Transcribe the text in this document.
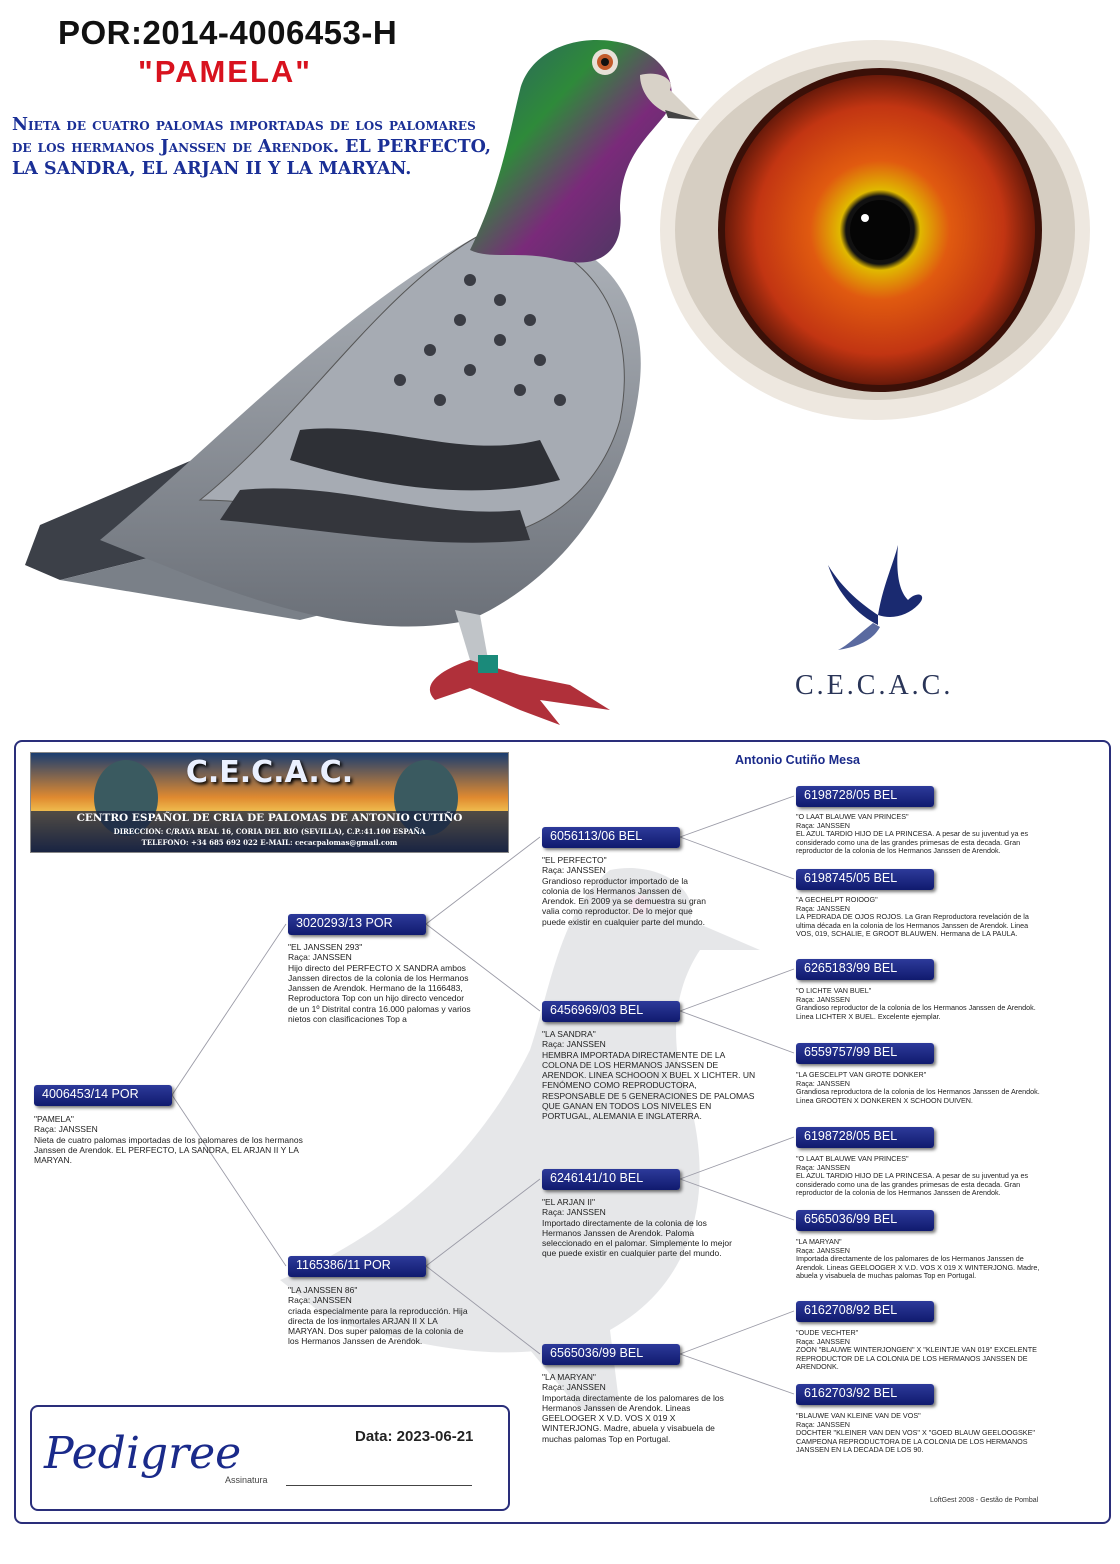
POR:2014-4006453-H
"PAMELA"
Nieta de cuatro palomas importadas de los palomares de los hermanos Janssen de Arendok. EL PERFECTO, LA SANDRA, EL ARJAN II Y LA MARYAN.
C.E.C.A.C.
C.E.C.A.C.
CENTRO ESPAÑOL DE CRIA DE PALOMAS DE ANTONIO CUTIÑO
DIRECCION: C/RAYA REAL 16, CORIA DEL RIO (SEVILLA), C.P.:41.100 ESPAÑA
TELEFONO: +34 685 692 022 E-MAIL: cecacpalomas@gmail.com
Antonio Cutiño Mesa
4006453/14 POR
"PAMELA"
Raça: JANSSEN
Nieta de cuatro palomas importadas de los palomares de los hermanos Janssen de Arendok. EL PERFECTO, LA SANDRA, EL ARJAN II Y LA MARYAN.
3020293/13 POR
"EL JANSSEN 293"
Raça: JANSSEN
Hijo directo del PERFECTO X SANDRA ambos Janssen directos de la colonia de los Hermanos Janssen de Arendok. Hermano de la 1166483, Reproductora Top con un hijo directo vencedor de un 1º Distrital contra 16.000 palomas y varios nietos con clasificaciones Top a
1165386/11 POR
"LA JANSSEN 86"
Raça: JANSSEN
criada especialmente para la reproducción. Hija directa de los inmortales ARJAN II X LA MARYAN. Dos super palomas de la colonia de los Hermanos Janssen de Arendok.
6056113/06 BEL
"EL PERFECTO"
Raça: JANSSEN
Grandioso reproductor importado de la colonia de los Hermanos Janssen de Arendok. En 2009 ya se demuestra su gran valia como reproductor. De lo mejor que puede existir en cualquier parte del mundo.
6456969/03 BEL
"LA SANDRA"
Raça: JANSSEN
HEMBRA IMPORTADA DIRECTAMENTE DE LA COLONA DE LOS HERMANOS JANSSEN DE ARENDOK. LINEA SCHOOON X BUEL X LICHTER. UN FENÓMENO COMO REPRODUCTORA, RESPONSABLE DE 5 GENERACIONES DE PALOMAS QUE GANAN EN TODOS LOS NIVELES EN PORTUGAL, ALEMANIA E INGLATERRA.
6246141/10 BEL
"EL ARJAN II"
Raça: JANSSEN
Importado directamente de la colonia de los Hermanos Janssen de Arendok. Paloma seleccionado en el palomar. Simplemente lo mejor que puede existir en cualquier parte del mundo.
6565036/99 BEL
"LA MARYAN"
Raça: JANSSEN
Importada directamente de los palomares de los Hermanos Janssen de Arendok. Lineas GEELOOGER X V.D. VOS X 019 X WINTERJONG. Madre, abuela y visabuela de muchas palomas Top en Portugal.
6198728/05 BEL
"O LAAT BLAUWE VAN PRINCES"
Raça: JANSSEN
EL AZUL TARDIO HIJO DE LA PRINCESA. A pesar de su juventud ya es considerado como una de las grandes primesas de esta decada. Gran reproductor de la colonia de los Hermanos Janssen de Arendok.
6198745/05 BEL
"A GECHELPT ROIOOG"
Raça: JANSSEN
LA PEDRADA DE OJOS ROJOS. La Gran Reproductora revelación de la ultima década en la colonia de los Hermanos Janssen de Arendok. Linea VOS, 019, SCHALIE, E GROOT BLAUWEN. Hermana de LA PAULA.
6265183/99 BEL
"O LICHTE VAN BUEL"
Raça: JANSSEN
Grandioso reproductor de la colonia de los Hermanos Janssen de Arendok. Linea LICHTER X BUEL. Excelente ejemplar.
6559757/99 BEL
"LA GESCELPT VAN GROTE DONKER"
Raça: JANSSEN
Grandiosa reproductora de la colonia de los Hermanos Janssen de Arendok. Linea GROOTEN X DONKEREN X SCHOON DUIVEN.
6198728/05 BEL
"O LAAT BLAUWE VAN PRINCES"
Raça: JANSSEN
EL AZUL TARDIO HIJO DE LA PRINCESA. A pesar de su juventud ya es considerado como una de las grandes primesas de esta decada. Gran reproductor de la colonia de los Hermanos Janssen de Arendok.
6565036/99 BEL
"LA MARYAN"
Raça: JANSSEN
Importada directamente de los palomares de los Hermanos Janssen de Arendok. Lineas GEELOOGER X V.D. VOS X 019 X WINTERJONG. Madre, abuela y visabuela de muchas palomas Top en Portugal.
6162708/92 BEL
"OUDE VECHTER"
Raça: JANSSEN
ZOON "BLAUWE WINTERJONGEN" X "KLEINTJE VAN 019" EXCELENTE REPRODUCTOR DE LA COLONIA DE LOS HERMANOS JANSSEN DE ARENDONK.
6162703/92 BEL
"BLAUWE VAN KLEINE VAN DE VOS"
Raça: JANSSEN
DOCHTER "KLEINER VAN DEN VOS" X "GOED BLAUW GEELOOGSKE" CAMPEONA REPRODUCTORA DE LA COLONIA DE LOS HERMANOS JANSSEN EN LA DECADA DE LOS 90.
Pedigree	Data: 2023-06-21
Assinatura
LoftGest 2008 - Gestão de Pombal
